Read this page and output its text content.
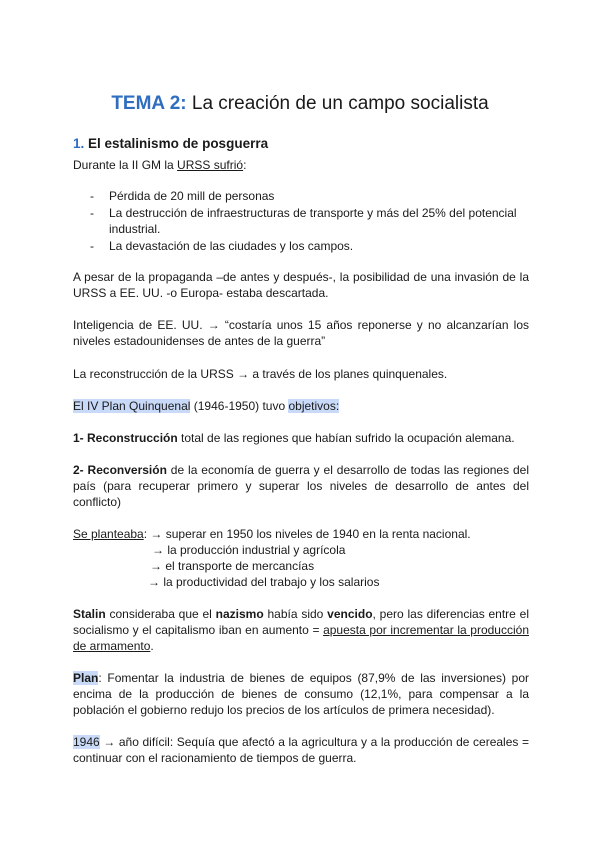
TEMA 2: La creación de un campo socialista
1. El estalinismo de posguerra

Durante la II GM la URSS sufrió:

- Pérdida de 20 mill de personas
- La destrucción de infraestructuras de transporte y más del 25% del potencial industrial.
- La devastación de las ciudades y los campos.

A pesar de la propaganda –de antes y después-, la posibilidad de una invasión de la URSS a EE. UU. -o Europa- estaba descartada.

Inteligencia de EE. UU. → “costaría unos 15 años reponerse y no alcanzarían los niveles estadounidenses de antes de la guerra”

La reconstrucción de la URSS → a través de los planes quinquenales.

El IV Plan Quinquenal (1946-1950) tuvo objetivos:

1- Reconstrucción total de las regiones que habían sufrido la ocupación alemana.

2- Reconversión de la economía de guerra y el desarrollo de todas las regiones del país (para recuperar primero y superar los niveles de desarrollo de antes del conflicto)

Se planteaba: → superar en 1950 los niveles de 1940 en la renta nacional.

→ la producción industrial y agrícola
→ el transporte de mercancías
→ la productividad del trabajo y los salarios

Stalin consideraba que el nazismo había sido vencido, pero las diferencias entre el socialismo y el capitalismo iban en aumento = apuesta por incrementar la producción de armamento.

Plan: Fomentar la industria de bienes de equipos (87,9% de las inversiones) por encima de la producción de bienes de consumo (12,1%, para compensar a la población el gobierno redujo los precios de los artículos de primera necesidad).

1946 → año difícil: Sequía que afectó a la agricultura y a la producción de cereales = continuar con el racionamiento de tiempos de guerra.
